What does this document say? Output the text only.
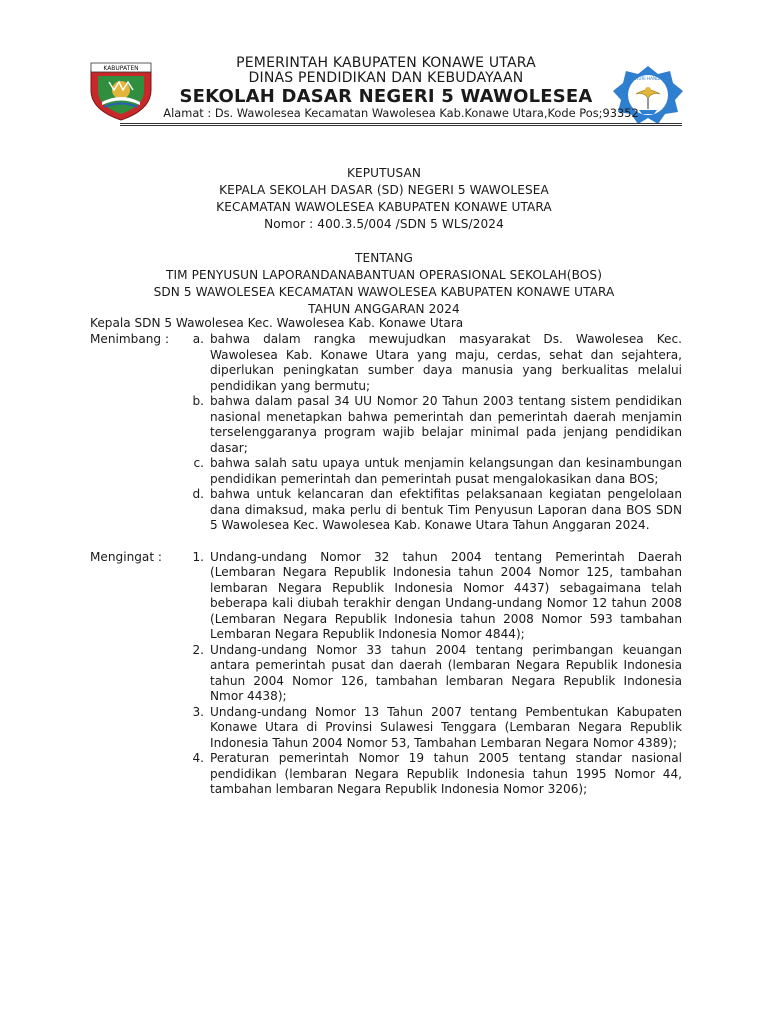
PEMERINTAH KABUPATEN KONAWE UTARA
DINAS PENDIDIKAN DAN KEBUDAYAAN
SEKOLAH DASAR NEGERI 5 WAWOLESEA
KABUPATEN
TUT WURI HANDAYANI
Alamat : Ds. Wawolesea Kecamatan Wawolesea Kab.Konawe Utara,Kode Pos;93352
KEPUTUSAN
KEPALA SEKOLAH DASAR (SD) NEGERI 5 WAWOLESEA
KECAMATAN WAWOLESEA KABUPATEN KONAWE UTARA
Nomor : 400.3.5/004 /SDN 5 WLS/2024
TENTANG
TIM PENYUSUN LAPORANDANABANTUAN OPERASIONAL SEKOLAH(BOS)
SDN 5 WAWOLESEA KECAMATAN WAWOLESEA KABUPATEN KONAWE UTARA
TAHUN ANGGARAN 2024
Kepala SDN 5 Wawolesea Kec. Wawolesea Kab. Konawe Utara
Menimbang :	a. bahwa dalam rangka mewujudkan masyarakat Ds. Wawolesea Kec. Wawolesea Kab. Konawe Utara yang maju, cerdas, sehat dan sejahtera, diperlukan peningkatan sumber daya manusia yang berkualitas melalui pendidikan yang bermutu;
b. bahwa dalam pasal 34 UU Nomor 20 Tahun 2003 tentang sistem pendidikan nasional menetapkan bahwa pemerintah dan pemerintah daerah menjamin terselenggaranya program wajib belajar minimal pada jenjang pendidikan dasar;
c. bahwa salah satu upaya untuk menjamin kelangsungan dan kesinambungan pendidikan pemerintah dan pemerintah pusat mengalokasikan dana BOS;
d. bahwa untuk kelancaran dan efektifitas pelaksanaan kegiatan pengelolaan dana dimaksud, maka perlu di bentuk Tim Penyusun Laporan dana BOS SDN 5 Wawolesea Kec. Wawolesea Kab. Konawe Utara Tahun Anggaran 2024.
Mengingat :	1. Undang-undang Nomor 32 tahun 2004 tentang Pemerintah Daerah (Lembaran Negara Republik Indonesia tahun 2004 Nomor 125, tambahan lembaran Negara Republik Indonesia Nomor 4437) sebagaimana telah beberapa kali diubah terakhir dengan Undang-undang Nomor 12 tahun 2008 (Lembaran Negara Republik Indonesia tahun 2008 Nomor 593 tambahan Lembaran Negara Republik Indonesia Nomor 4844);
2. Undang-undang Nomor 33 tahun 2004 tentang perimbangan keuangan antara pemerintah pusat dan daerah (lembaran Negara Republik Indonesia tahun 2004 Nomor 126, tambahan lembaran Negara Republik Indonesia Nmor 4438);
3. Undang-undang Nomor 13 Tahun 2007 tentang Pembentukan Kabupaten Konawe Utara di Provinsi Sulawesi Tenggara (Lembaran Negara Republik Indonesia Tahun 2004 Nomor 53, Tambahan Lembaran Negara Nomor 4389);
4. Peraturan pemerintah Nomor 19 tahun 2005 tentang standar nasional pendidikan (lembaran Negara Republik Indonesia tahun 1995 Nomor 44, tambahan lembaran Negara Republik Indonesia Nomor 3206);
